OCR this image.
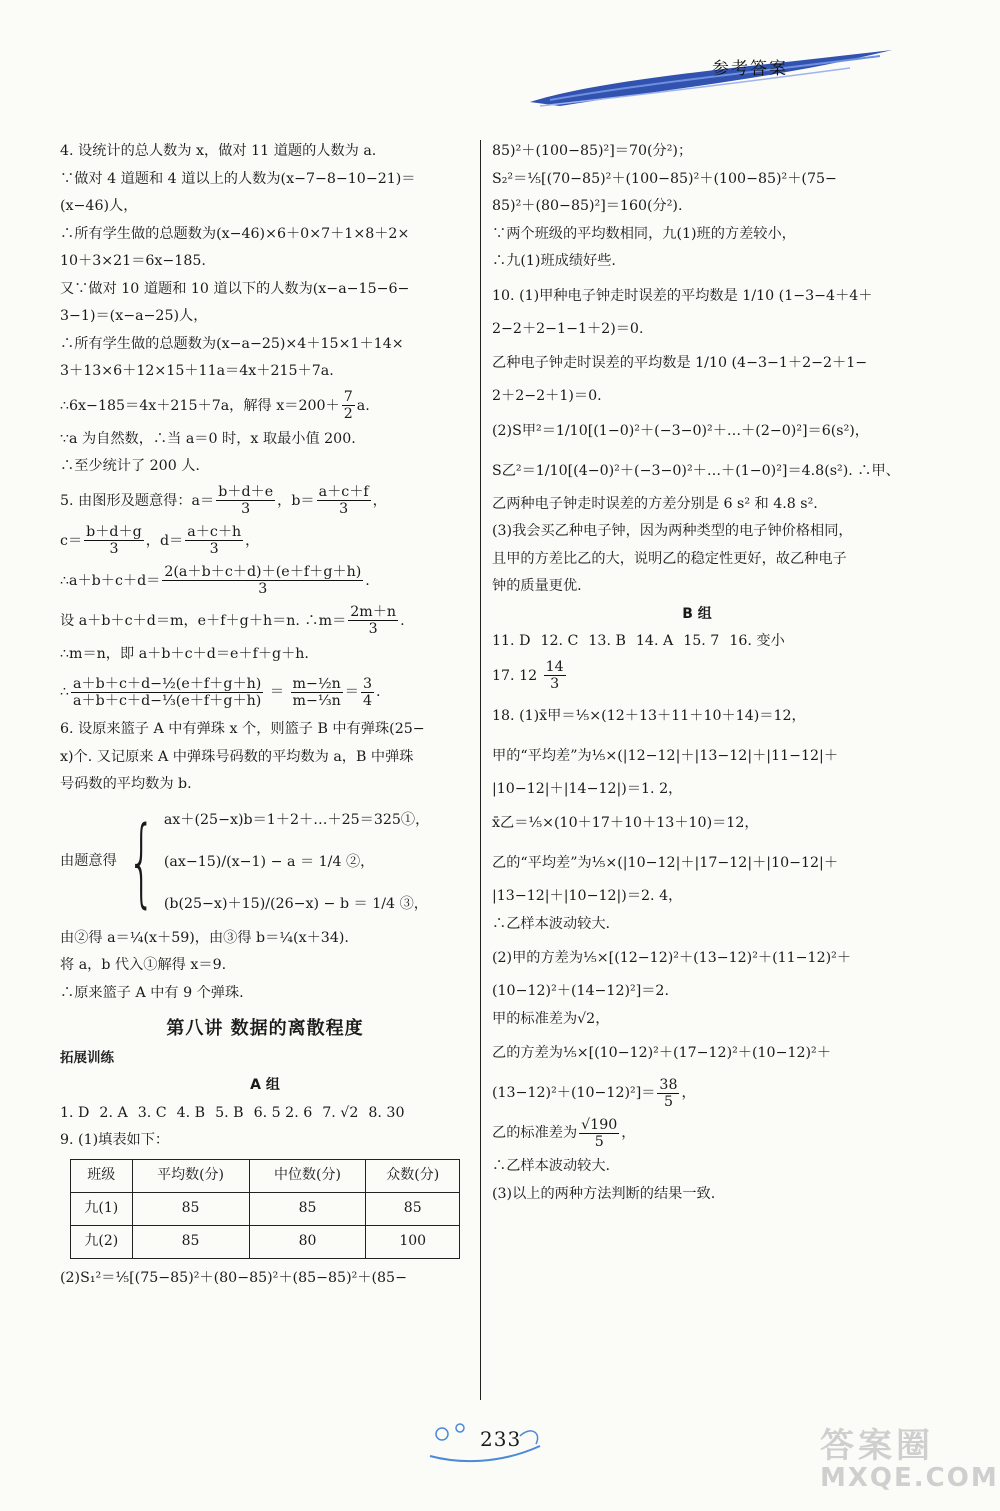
参考答案
4. 设统计的总人数为 x，做对 11 道题的人数为 a.
∵做对 4 道题和 4 道以上的人数为(x−7−8−10−21)＝
(x−46)人，
∴所有学生做的总题数为(x−46)×6＋0×7＋1×8＋2×
10＋3×21＝6x−185.
又∵做对 10 道题和 10 道以下的人数为(x−a−15−6−
3−1)＝(x−a−25)人，
∴所有学生做的总题数为(x−a−25)×4＋15×1＋14×
3＋13×6＋12×15＋11a＝4x＋215＋7a.
∴6x−185＝4x＋215＋7a，解得 $x=200+ \frac{7}{2} a$.
∵a 为自然数，∴当 a＝0 时，x 取最小值 200.
∴至少统计了 200 人.
5. 由图形及题意得：$a= \frac{b+d+e}{3}$ ，$b= \frac{a+c+f}{3}$ ，
$c= \frac{b+d+g}{3}$ ，$d= \frac{a+c+h}{3}$ ，
∴a＋b＋c＋d＝ $\frac{2(a+b+c+d)+(e+f+g+h)}{3}$ .
设 a＋b＋c＋d＝m，e＋f＋g＋h＝n. ∴m＝ $\frac{2m+n}{3}$ .
∴m＝n，即 a＋b＋c＋d＝e＋f＋g＋h.
∴ $\frac{\text{a＋b＋c＋d−½(e＋f＋g＋h)}}{\text{a＋b＋c＋d−⅓(e＋f＋g＋h)}} = \frac{\text{m−½n}}{\text{m−⅓n}} = \frac{3}{4}$ .
6. 设原来篮子 A 中有弹珠 x 个，则篮子 B 中有弹珠(25−
x)个. 又记原来 A 中弹珠号码数的平均数为 a，B 中弹珠
号码数的平均数为 b.
由题意得 { ax＋(25−x)b＝1＋2＋…＋25＝325①，
(ax−15)/(x−1) − a ＝ 1/4 ②，
(b(25−x)＋15)/(26−x) − b ＝ 1/4 ③，
由②得 a＝¼(x＋59)，由③得 b＝¼(x＋34).
将 a，b 代入①解得 x＝9.
∴原来篮子 A 中有 9 个弹珠.
第八讲 数据的离散程度
拓展训练
A 组
1. D 2. A 3. C 4. B 5. B 6. 5 2. 6 7. √2 8. 30
9. (1)填表如下：
班级	平均数(分)	中位数(分)	众数(分)
九(1)	85	85	85
九(2)	85	80	100
(2)S₁²＝⅕[(75−85)²＋(80−85)²＋(85−85)²＋(85−
85)²＋(100−85)²]＝70(分²)；
S₂²＝⅕[(70−85)²＋(100−85)²＋(100−85)²＋(75−
85)²＋(80−85)²]＝160(分²).
∵两个班级的平均数相同，九(1)班的方差较小，
∴九(1)班成绩好些.
10. (1)甲种电子钟走时误差的平均数是 1/10 (1−3−4＋4＋
2−2＋2−1−1＋2)＝0.
乙种电子钟走时误差的平均数是 1/10 (4−3−1＋2−2＋1−
2＋2−2＋1)＝0.
(2)S甲²＝1/10[(1−0)²＋(−3−0)²＋…＋(2−0)²]＝6(s²)，
S乙²＝1/10[(4−0)²＋(−3−0)²＋…＋(1−0)²]＝4.8(s²). ∴甲、
乙两种电子钟走时误差的方差分别是 6 s² 和 4.8 s².
(3)我会买乙种电子钟，因为两种类型的电子钟价格相同，
且甲的方差比乙的大，说明乙的稳定性更好，故乙种电子
钟的质量更优.
B 组
11. D 12. C 13. B 14. A 15. 7 16. 变小
17. $12 \frac{14}{3}$
18. (1)x̄甲＝⅕×(12＋13＋11＋10＋14)＝12，
甲的“平均差”为⅕×(|12−12|＋|13−12|＋|11−12|＋
|10−12|＋|14−12|)＝1. 2，
x̄乙＝⅕×(10＋17＋10＋13＋10)＝12，
乙的“平均差”为⅕×(|10−12|＋|17−12|＋|10−12|＋
|13−12|＋|10−12|)＝2. 4，
∴乙样本波动较大.
(2)甲的方差为⅕×[(12−12)²＋(13−12)²＋(11−12)²＋
(10−12)²＋(14−12)²]＝2.
甲的标准差为√2，
乙的方差为⅕×[(10−12)²＋(17−12)²＋(10−12)²＋
$(13-12)^2+(10-12)^2]= \frac{38}{5}$ ，
乙的标准差为 $\frac{√190}{5}$ ，
∴乙样本波动较大.
(3)以上的两种方法判断的结果一致.
233	答案圈
MXQE.COM
